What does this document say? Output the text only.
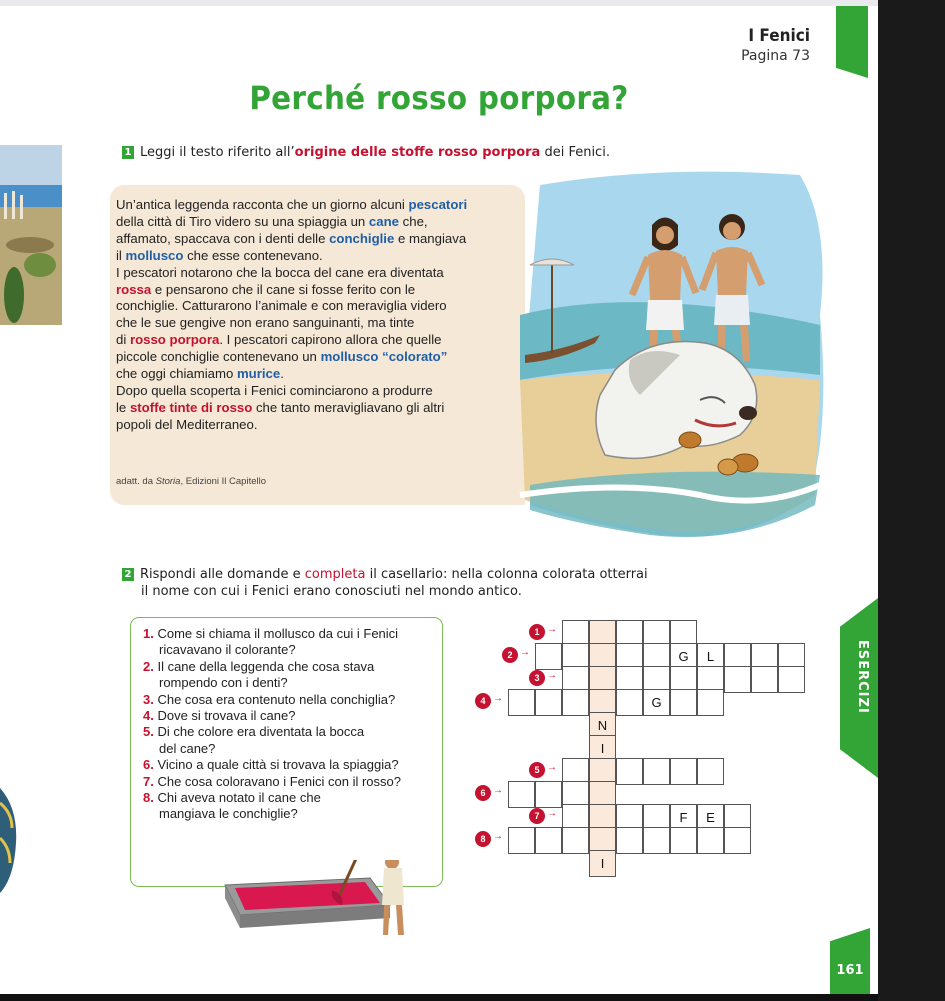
I Fenici
Pagina 73
Perché rosso porpora?
1 Leggi il testo riferito all’origine delle stoffe rosso porpora dei Fenici.
Un’antica leggenda racconta che un giorno alcuni pescatori
della città di Tiro videro su una spiaggia un cane che,
affamato, spaccava con i denti delle conchiglie e mangiava
il mollusco che esse contenevano.
I pescatori notarono che la bocca del cane era diventata
rossa e pensarono che il cane si fosse ferito con le
conchiglie. Catturarono l’animale e con meraviglia videro
che le sue gengive non erano sanguinanti, ma tinte
di rosso porpora. I pescatori capirono allora che quelle
piccole conchiglie contenevano un mollusco “colorato”
che oggi chiamiamo murice.
Dopo quella scoperta i Fenici cominciarono a produrre
le stoffe tinte di rosso che tanto meravigliavano gli altri
popoli del Mediterraneo.
adatt. da Storia, Edizioni Il Capitello
2 Rispondi alle domande e completa il casellario: nella colonna colorata otterrai
il nome con cui i Fenici erano conosciuti nel mondo antico.
1. Come si chiama il mollusco da cui i Fenici
ricavavano il colorante?
2. Il cane della leggenda che cosa stava
rompendo con i denti?
3. Che cosa era contenuto nella conchiglia?
4. Dove si trovava il cane?
5. Di che colore era diventata la bocca
del cane?
6. Vicino a quale città si trovava la spiaggia?
7. Che cosa coloravano i Fenici con il rosso?
8. Chi aveva notato il cane che
mangiava le conchiglie?
1 →
G	L
2 →
3 →
G
4 →
N
I
5 →
6 →
F	E
7 →
8 →
I
ESERCIZI
161
